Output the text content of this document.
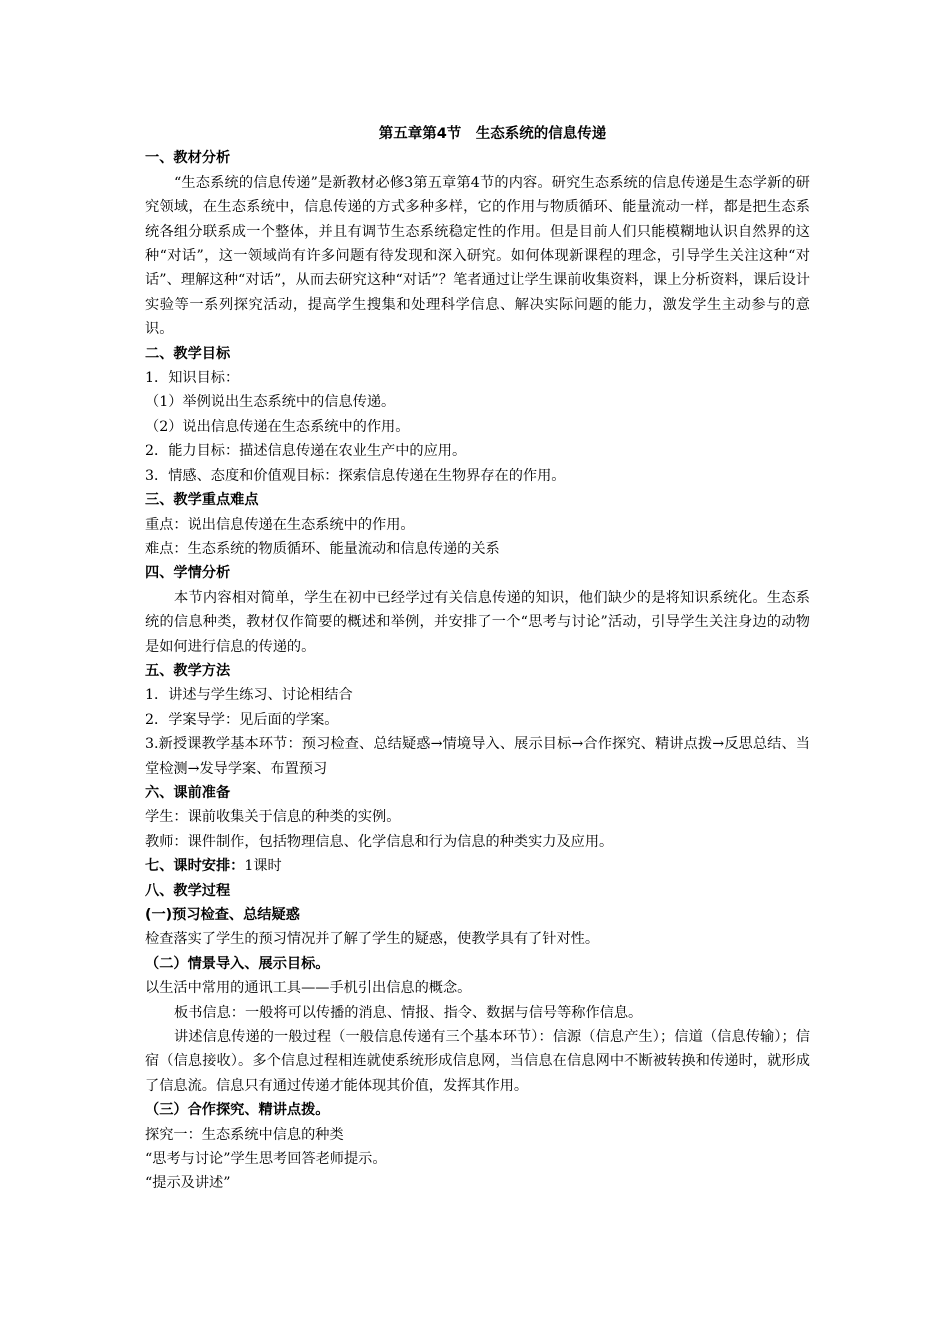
第五章第4节　生态系统的信息传递
一、教材分析

“生态系统的信息传递”是新教材必修3第五章第4节的内容。研究生态系统的信息传递是生态学新的研究领域，在生态系统中，信息传递的方式多种多样，它的作用与物质循环、能量流动一样，都是把生态系统各组分联系成一个整体，并且有调节生态系统稳定性的作用。但是目前人们只能模糊地认识自然界的这种“对话”，这一领域尚有许多问题有待发现和深入研究。如何体现新课程的理念，引导学生关注这种“对话”、理解这种“对话”，从而去研究这种“对话”？笔者通过让学生课前收集资料，课上分析资料，课后设计实验等一系列探究活动，提高学生搜集和处理科学信息、解决实际问题的能力，激发学生主动参与的意识。

二、教学目标

1．知识目标：

（1）举例说出生态系统中的信息传递。

（2）说出信息传递在生态系统中的作用。

2．能力目标：描述信息传递在农业生产中的应用。

3．情感、态度和价值观目标：探索信息传递在生物界存在的作用。

三、教学重点难点

重点：说出信息传递在生态系统中的作用。

难点：生态系统的物质循环、能量流动和信息传递的关系

四、学情分析

本节内容相对简单，学生在初中已经学过有关信息传递的知识，他们缺少的是将知识系统化。生态系统的信息种类，教材仅作简要的概述和举例，并安排了一个“思考与讨论”活动，引导学生关注身边的动物是如何进行信息的传递的。

五、教学方法

1．讲述与学生练习、讨论相结合

2．学案导学：见后面的学案。

3.新授课教学基本环节：预习检查、总结疑惑→情境导入、展示目标→合作探究、精讲点拨→反思总结、当堂检测→发导学案、布置预习

六、课前准备

学生：课前收集关于信息的种类的实例。

教师：课件制作，包括物理信息、化学信息和行为信息的种类实力及应用。

七、课时安排：1课时

八、教学过程
(一)预习检查、总结疑惑

检查落实了学生的预习情况并了解了学生的疑惑，使教学具有了针对性。

（二）情景导入、展示目标。

以生活中常用的通讯工具——手机引出信息的概念。

板书信息：一般将可以传播的消息、情报、指令、数据与信号等称作信息。

讲述信息传递的一般过程（一般信息传递有三个基本环节）：信源（信息产生）；信道（信息传输）；信宿（信息接收）。多个信息过程相连就使系统形成信息网，当信息在信息网中不断被转换和传递时，就形成了信息流。信息只有通过传递才能体现其价值，发挥其作用。

（三）合作探究、精讲点拨。

探究一：生态系统中信息的种类

“思考与讨论”学生思考回答老师提示。

“提示及讲述”
